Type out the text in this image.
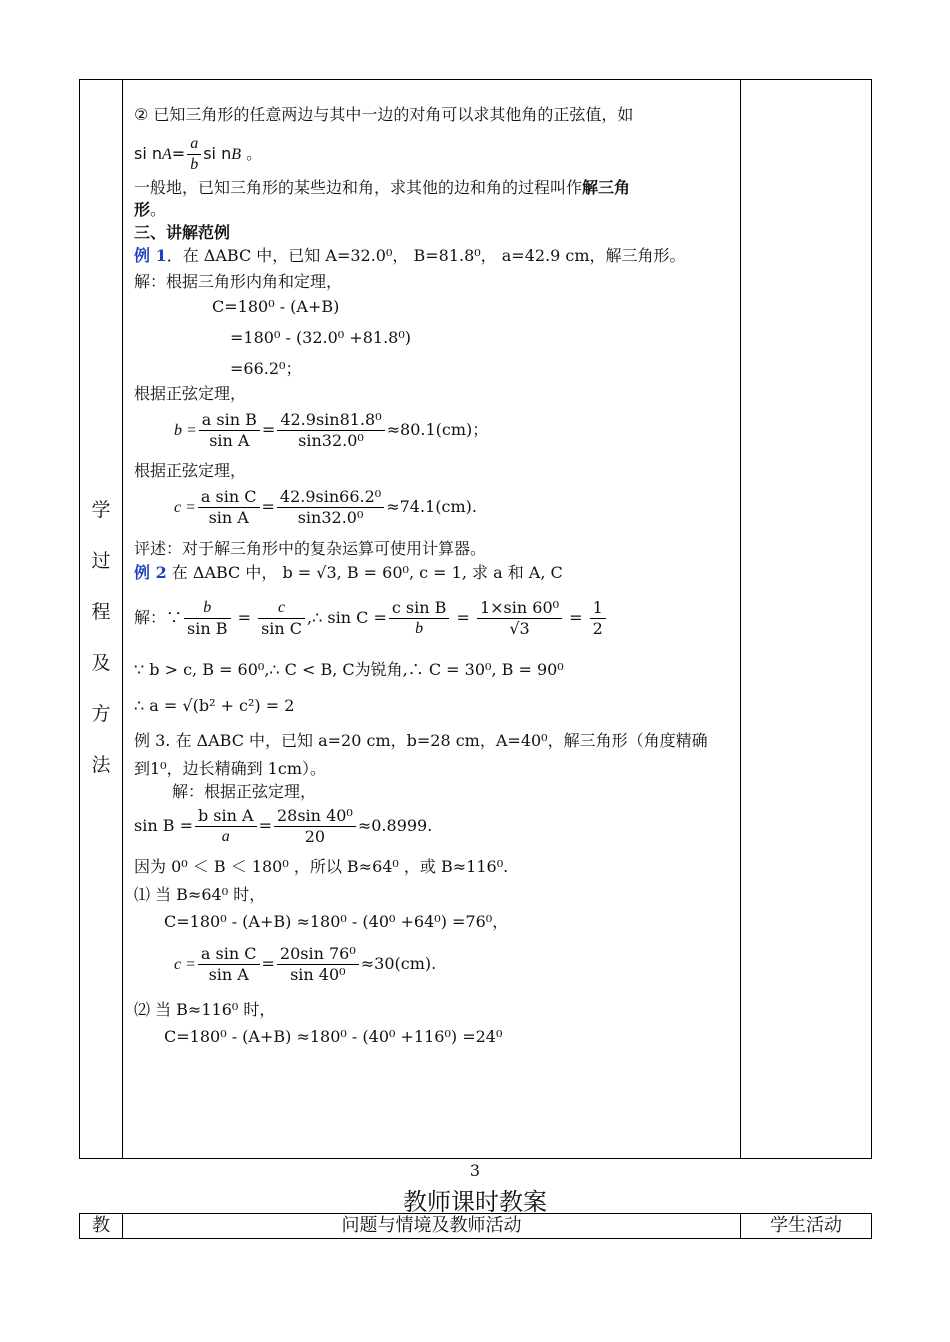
学
过
程
及
方
法
② 已知三角形的任意两边与其中一边的对角可以求其他角的正弦值，如
si $nA= \frac{a}{b}$ si nB 。
一般地，已知三角形的某些边和角，求其他的边和角的过程叫作解三角
形。
三、讲解范例
例 1．在 ΔABC 中，已知 A=32.0⁰， B=81.8⁰， a=42.9 cm，解三角形。
解：根据三角形内角和定理，
C=180⁰ - (A+B)
=180⁰ - (32.0⁰ +81.8⁰)
=66.2⁰；
根据正弦定理，
$b = \frac{\text{a sin B}}{\text{sin A}} = \frac{\text{42.9sin81.8⁰}}{\text{sin32.0⁰}} \approx 80.1(cm)$；
根据正弦定理，
$c = \frac{\text{a sin C}}{\text{sin A}} = \frac{\text{42.9sin66.2⁰}}{\text{sin32.0⁰}} \approx 74.1(cm)$.
评述：对于解三角形中的复杂运算可使用计算器。
例 2 在 ΔABC 中， b = √3, B = 60⁰, c = 1, 求 a 和 A, C
解：∵ $\frac{b}{\text{sin B}} = \frac{c}{\text{sin C}}$ ,∴ $\sin C = \frac{\text{c sin B}}{b} = \frac{\text{1×sin 60⁰}}{√3} = \frac{1}{2}$
∵ b > c, B = 60⁰,∴ C < B, C为锐角,∴ C = 30⁰, B = 90⁰
∴ a = √(b² + c²) = 2
例 3. 在 ΔABC 中，已知 a=20 cm，b=28 cm，A=40⁰，解三角形（角度精确
到1⁰，边长精确到 1cm）。
解：根据正弦定理，
$\sin B = \frac{\text{b sin A}}{a} = \frac{\text{28sin 40⁰}}{20} \approx 0.8999$.
因为 0⁰ ＜ B ＜ 180⁰ ，所以 B≈64⁰ ，或 B≈116⁰.
⑴ 当 B≈64⁰ 时，
C=180⁰ - (A+B) ≈180⁰ - (40⁰ +64⁰) =76⁰，
$c = \frac{\text{a sin C}}{\text{sin A}} = \frac{\text{20sin 76⁰}}{\text{sin 40⁰}} \approx 30(cm)$.
⑵ 当 B≈116⁰ 时，
C=180⁰ - (A+B) ≈180⁰ - (40⁰ +116⁰) =24⁰
3
教师课时教案
教	问题与情境及教师活动	学生活动
